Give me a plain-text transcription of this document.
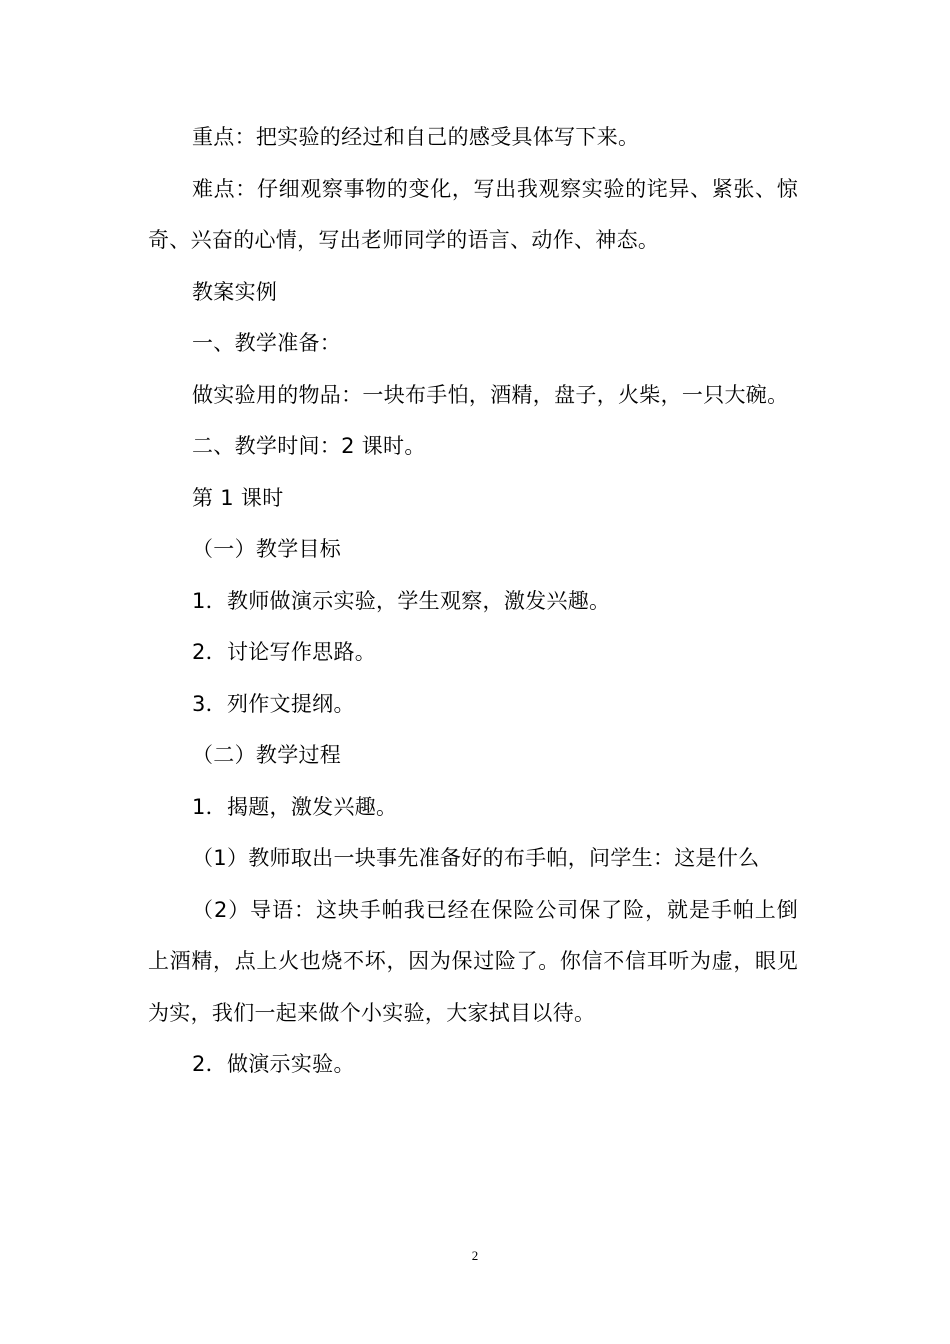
重点：把实验的经过和自己的感受具体写下来。

难点：仔细观察事物的变化，写出我观察实验的诧异、紧张、惊奇、兴奋的心情，写出老师同学的语言、动作、神态。

教案实例

一、教学准备：

做实验用的物品：一块布手怕，酒精，盘子，火柴，一只大碗。

二、教学时间：2 课时。

第 1 课时

（一）教学目标

1．教师做演示实验，学生观察，激发兴趣。

2．讨论写作思路。

3．列作文提纲。

（二）教学过程

1．揭题，激发兴趣。

（1）教师取出一块事先准备好的布手帕，问学生：这是什么

（2）导语：这块手帕我已经在保险公司保了险，就是手帕上倒上酒精，点上火也烧不坏，因为保过险了。你信不信耳听为虚，眼见为实，我们一起来做个小实验，大家拭目以待。

2．做演示实验。

2
